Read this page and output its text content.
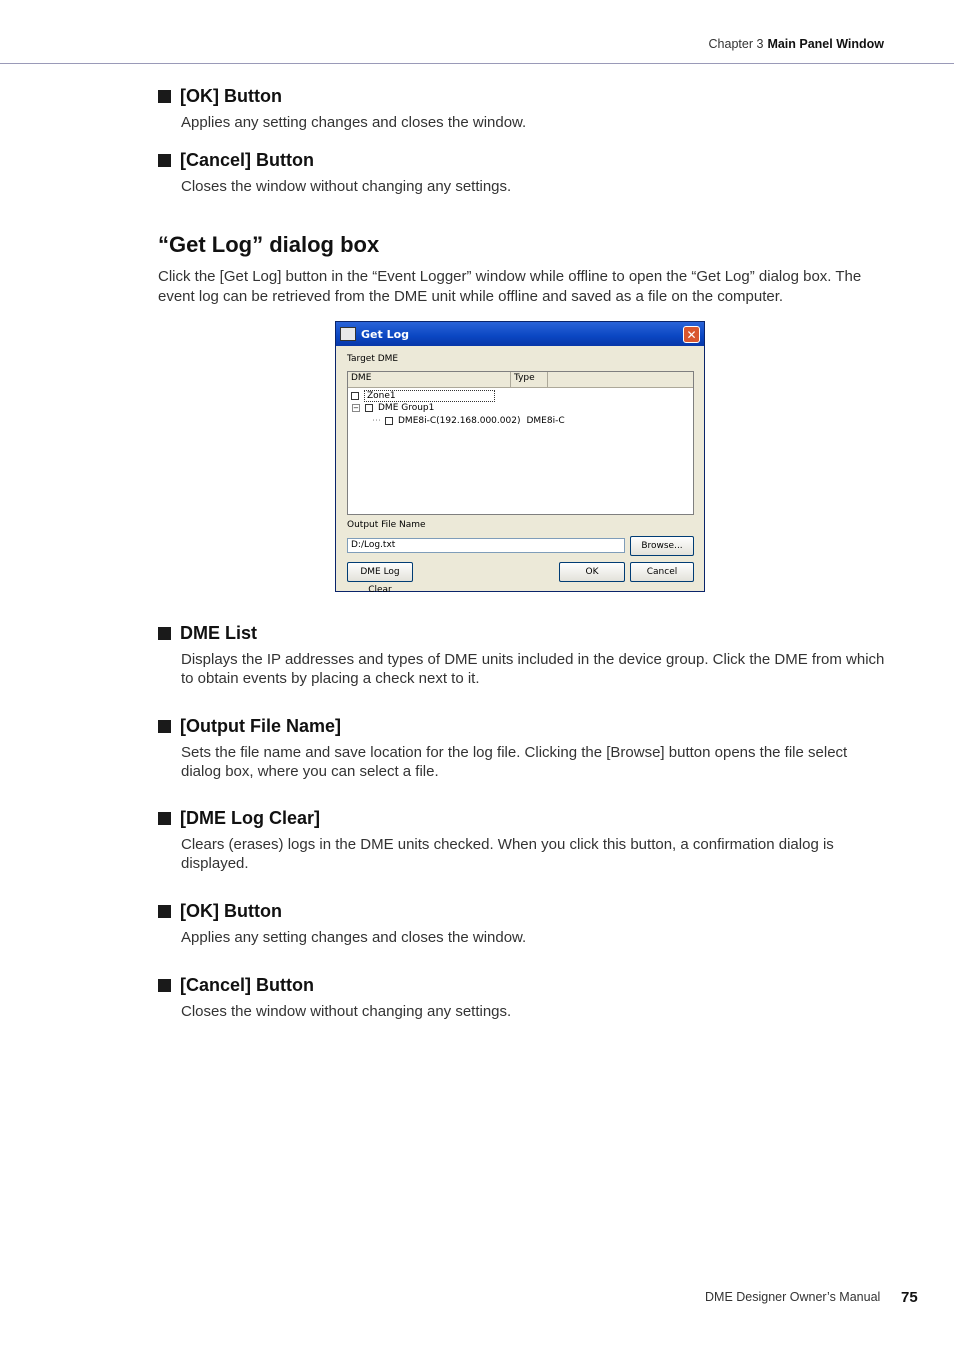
Chapter 3 Main Panel Window
[OK] Button
Applies any setting changes and closes the window.
[Cancel] Button
Closes the window without changing any settings.
“Get Log” dialog box
Click the [Get Log] button in the “Event Logger” window while offline to open the “Get Log” dialog box. The event log can be retrieved from the DME unit while offline and saved as a file on the computer.
Get Log	✕
Target DME
DME	Type
Zone1
− DME Group1
⋯ DME8i-C(192.168.000.002) DME8i-C
Output File Name
D:/Log.txt	Browse...
DME Log Clear
OK	Cancel
DME List
Displays the IP addresses and types of DME units included in the device group. Click the DME from which to obtain events by placing a check next to it.
[Output File Name]
Sets the file name and save location for the log file. Clicking the [Browse] button opens the file select dialog box, where you can select a file.
[DME Log Clear]
Clears (erases) logs in the DME units checked. When you click this button, a confirmation dialog is displayed.
[OK] Button
Applies any setting changes and closes the window.
[Cancel] Button
Closes the window without changing any settings.
DME Designer Owner’s Manual 75
